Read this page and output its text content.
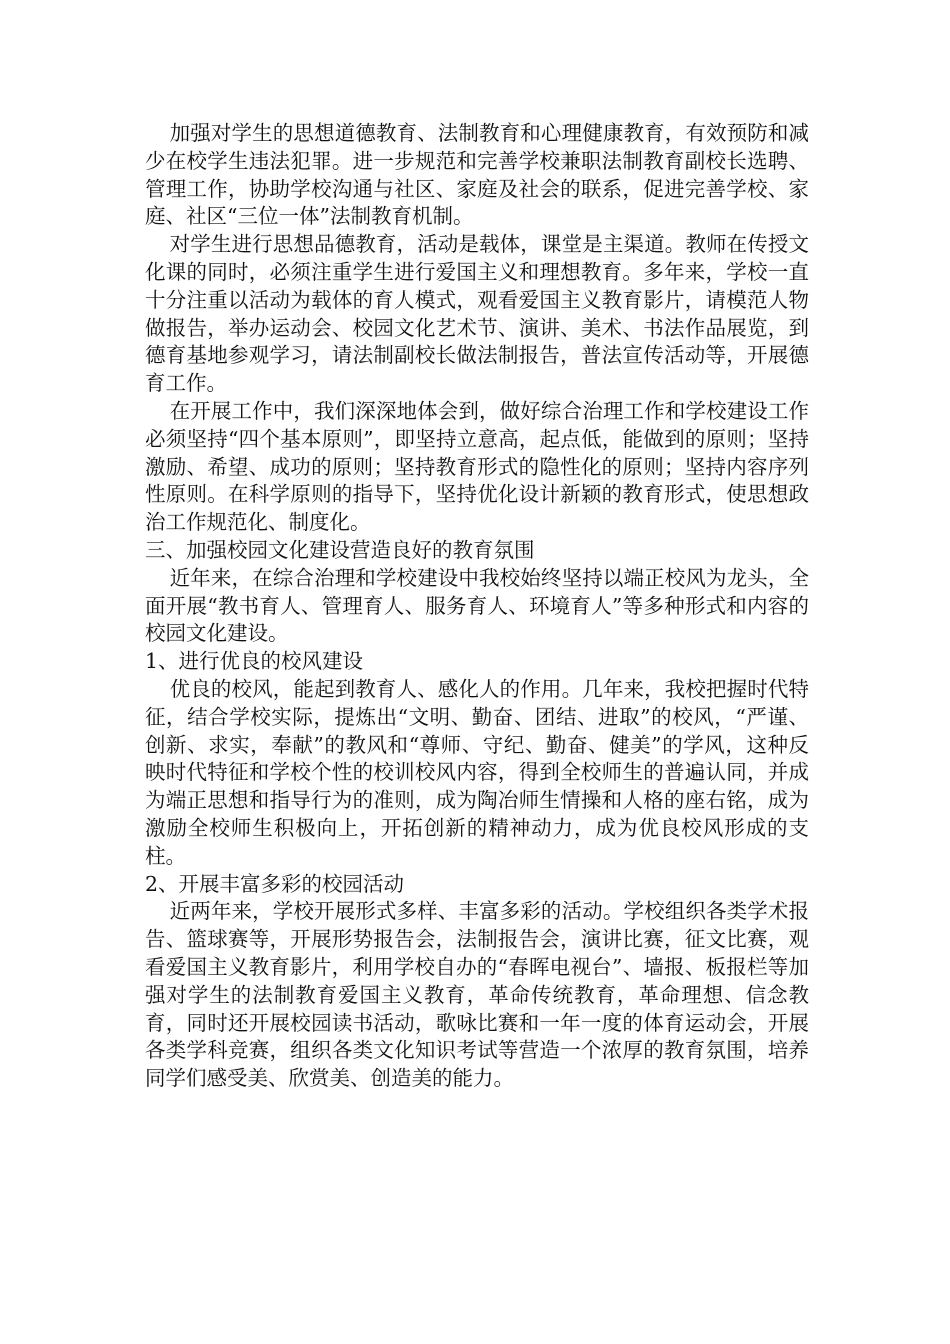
加强对学生的思想道德教育、法制教育和心理健康教育，有效预防和减少在校学生违法犯罪。进一步规范和完善学校兼职法制教育副校长选聘、管理工作，协助学校沟通与社区、家庭及社会的联系，促进完善学校、家庭、社区“三位一体”法制教育机制。

对学生进行思想品德教育，活动是载体，课堂是主渠道。教师在传授文化课的同时，必须注重学生进行爱国主义和理想教育。多年来，学校一直十分注重以活动为载体的育人模式，观看爱国主义教育影片，请模范人物做报告，举办运动会、校园文化艺术节、演讲、美术、书法作品展览，到德育基地参观学习，请法制副校长做法制报告，普法宣传活动等，开展德育工作。

在开展工作中，我们深深地体会到，做好综合治理工作和学校建设工作必须坚持“四个基本原则”，即坚持立意高，起点低，能做到的原则；坚持激励、希望、成功的原则；坚持教育形式的隐性化的原则；坚持内容序列性原则。在科学原则的指导下，坚持优化设计新颖的教育形式，使思想政治工作规范化、制度化。

三、加强校园文化建设营造良好的教育氛围

近年来，在综合治理和学校建设中我校始终坚持以端正校风为龙头，全面开展“教书育人、管理育人、服务育人、环境育人”等多种形式和内容的校园文化建设。

1、进行优良的校风建设

优良的校风，能起到教育人、感化人的作用。几年来，我校把握时代特征，结合学校实际，提炼出“文明、勤奋、团结、进取”的校风，“严谨、创新、求实，奉献”的教风和“尊师、守纪、勤奋、健美”的学风，这种反映时代特征和学校个性的校训校风内容，得到全校师生的普遍认同，并成为端正思想和指导行为的准则，成为陶冶师生情操和人格的座右铭，成为激励全校师生积极向上，开拓创新的精神动力，成为优良校风形成的支柱。

2、开展丰富多彩的校园活动

近两年来，学校开展形式多样、丰富多彩的活动。学校组织各类学术报告、篮球赛等，开展形势报告会，法制报告会，演讲比赛，征文比赛，观看爱国主义教育影片，利用学校自办的“春晖电视台”、墙报、板报栏等加强对学生的法制教育爱国主义教育，革命传统教育，革命理想、信念教育，同时还开展校园读书活动，歌咏比赛和一年一度的体育运动会，开展各类学科竞赛，组织各类文化知识考试等营造一个浓厚的教育氛围，培养同学们感受美、欣赏美、创造美的能力。
